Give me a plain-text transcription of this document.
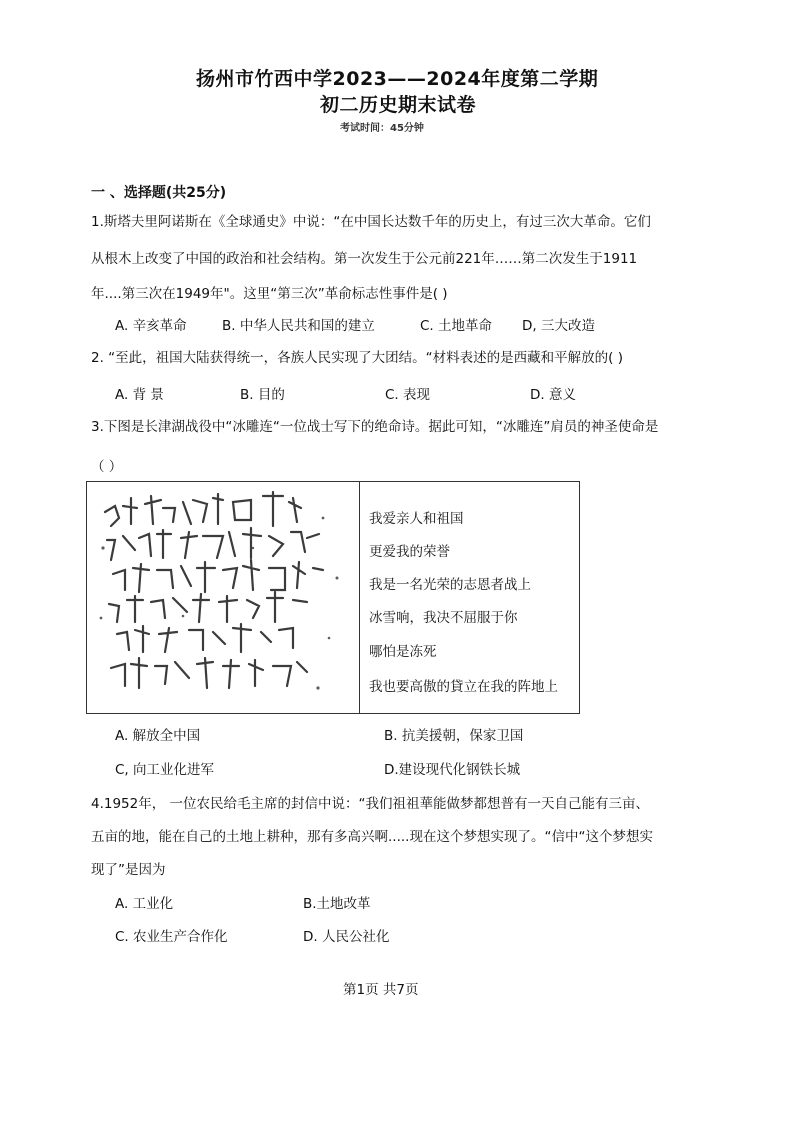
扬州市竹西中学2023——2024年度第二学期
初二历史期末试卷
考试时间：45分钟
一 、选择题(共25分)
1.斯塔夫里阿诺斯在《全球通史》中说：“在中国长达数千年的历史上，有过三次大革命。它们
从根木上改变了中国的政治和社会结构。第一次发生于公元前221年……第二次发生于1911
年....第三次在1949年"。这里“第三次”革俞标志性事件是( )
A. 辛亥革命	B. 中华人民共和国的建立	C. 土地革命 D, 三大改造
2. “至此，祖国大陆获得统一，各族人民实现了大团结。“材料表述的是西藏和平解放的( )
A. 背 景	B. 目的	C. 表现	D. 意义
3.下图是长津湖战役中“冰雕连“一位战士写下的绝命诗。据此可知，“冰雕连”肩员的神圣使命是
（ ）
我爱亲人和祖国
更爱我的荣誉
我是一名光荣的志恩者战上
冰雪响，我决不屈服于你
哪怕是冻死
我也要高傲的貸立在我的阵地上
A. 解放全中国	B. 抗美援朝，保家卫国
C, 向工业化进军	D.建设现代化钢铁长城
4.1952年， 一位农民给毛主席的封信中说：“我们祖祖華能做梦都想普有一天自己能有三亩、
五亩的地，能在自己的土地上耕种，那有多高兴啊.....现在这个梦想实现了。“信中“这个梦想实
现了”是因为
A. 工业化	B.土地改革
C. 农业生产合作化	D. 人民公社化
第1页 共7页
